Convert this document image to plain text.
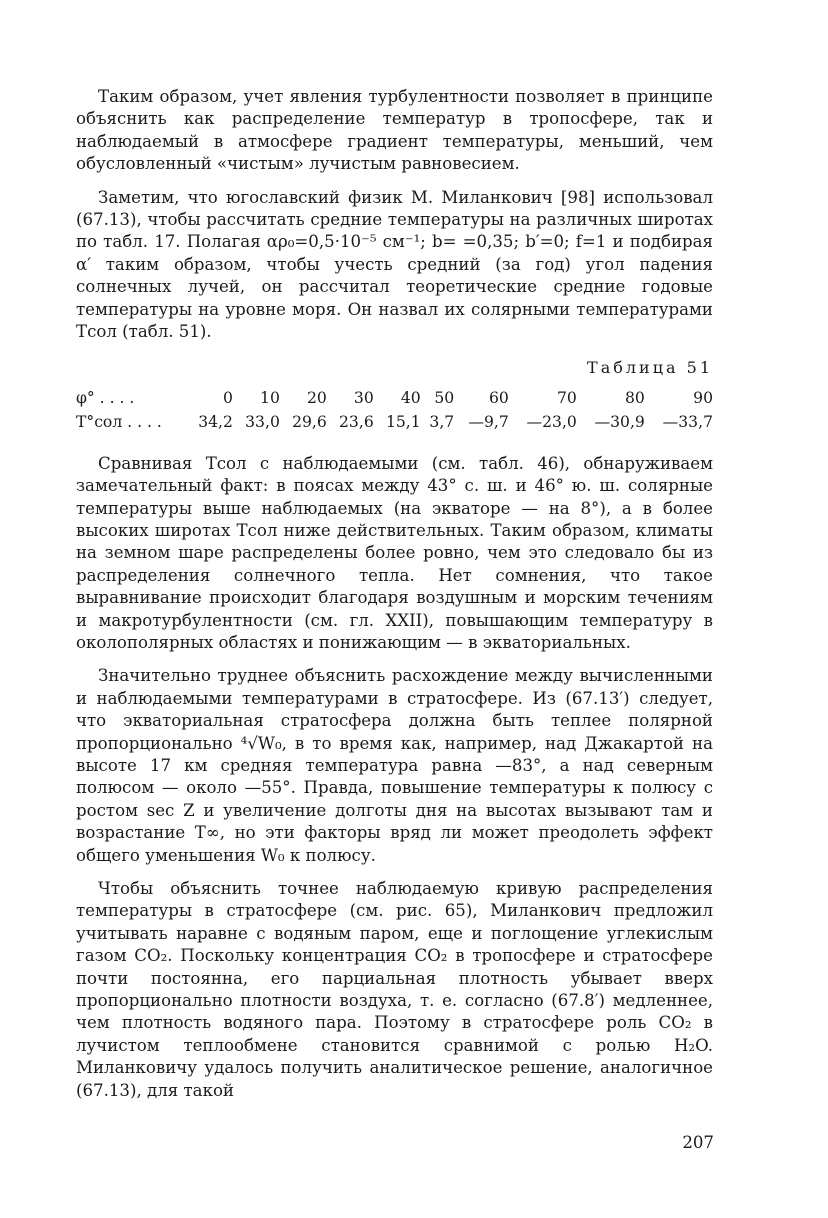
Таким образом, учет явления турбулентности позволяет в принципе объяснить как распределение температур в тропосфере, так и наблюдаемый в атмосфере градиент температуры, меньший, чем обусловленный «чистым» лучистым равновесием.

Заметим, что югославский физик М. Миланкович [98] использовал (67.13), чтобы рассчитать средние температуры на различных широтах по табл. 17. Полагая αρ₀=0,5·10⁻⁵ см⁻¹; b= =0,35; b′=0; f=1 и подбирая α′ таким образом, чтобы учесть средний (за год) угол падения солнечных лучей, он рассчитал теоретические средние годовые температуры на уровне моря. Он назвал их солярными температурами Tсол (табл. 51).

Таблица 51
φ° . . . .	0	10	20	30	40	50	60	70	80	90
T°сол . . . .	34,2	33,0	29,6	23,6	15,1	3,7	—9,7	—23,0	—30,9	—33,7

Сравнивая Tсол с наблюдаемыми (см. табл. 46), обнаруживаем замечательный факт: в поясах между 43° с. ш. и 46° ю. ш. солярные температуры выше наблюдаемых (на экваторе — на 8°), а в более высоких широтах Tсол ниже действительных. Таким образом, климаты на земном шаре распределены более ровно, чем это следовало бы из распределения солнечного тепла. Нет сомнения, что такое выравнивание происходит благодаря воздушным и морским течениям и макротурбулентности (см. гл. XXII), повышающим температуру в околополярных областях и понижающим — в экваториальных.

Значительно труднее объяснить расхождение между вычисленными и наблюдаемыми температурами в стратосфере. Из (67.13′) следует, что экваториальная стратосфера должна быть теплее полярной пропорционально ⁴√W₀, в то время как, например, над Джакартой на высоте 17 км средняя температура равна —83°, а над северным полюсом — около —55°. Правда, повышение температуры к полюсу с ростом sec Z и увеличение долготы дня на высотах вызывают там и возрастание T∞, но эти факторы вряд ли может преодолеть эффект общего уменьшения W₀ к полюсу.

Чтобы объяснить точнее наблюдаемую кривую распределения температуры в стратосфере (см. рис. 65), Миланкович предложил учитывать наравне с водяным паром, еще и поглощение углекислым газом CO₂. Поскольку концентрация CO₂ в тропосфере и стратосфере почти постоянна, его парциальная плотность убывает вверх пропорционально плотности воздуха, т. е. согласно (67.8′) медленнее, чем плотность водяного пара. Поэтому в стратосфере роль CO₂ в лучистом теплообмене становится сравнимой с ролью H₂O. Миланковичу удалось получить аналитическое решение, аналогичное (67.13), для такой

207
